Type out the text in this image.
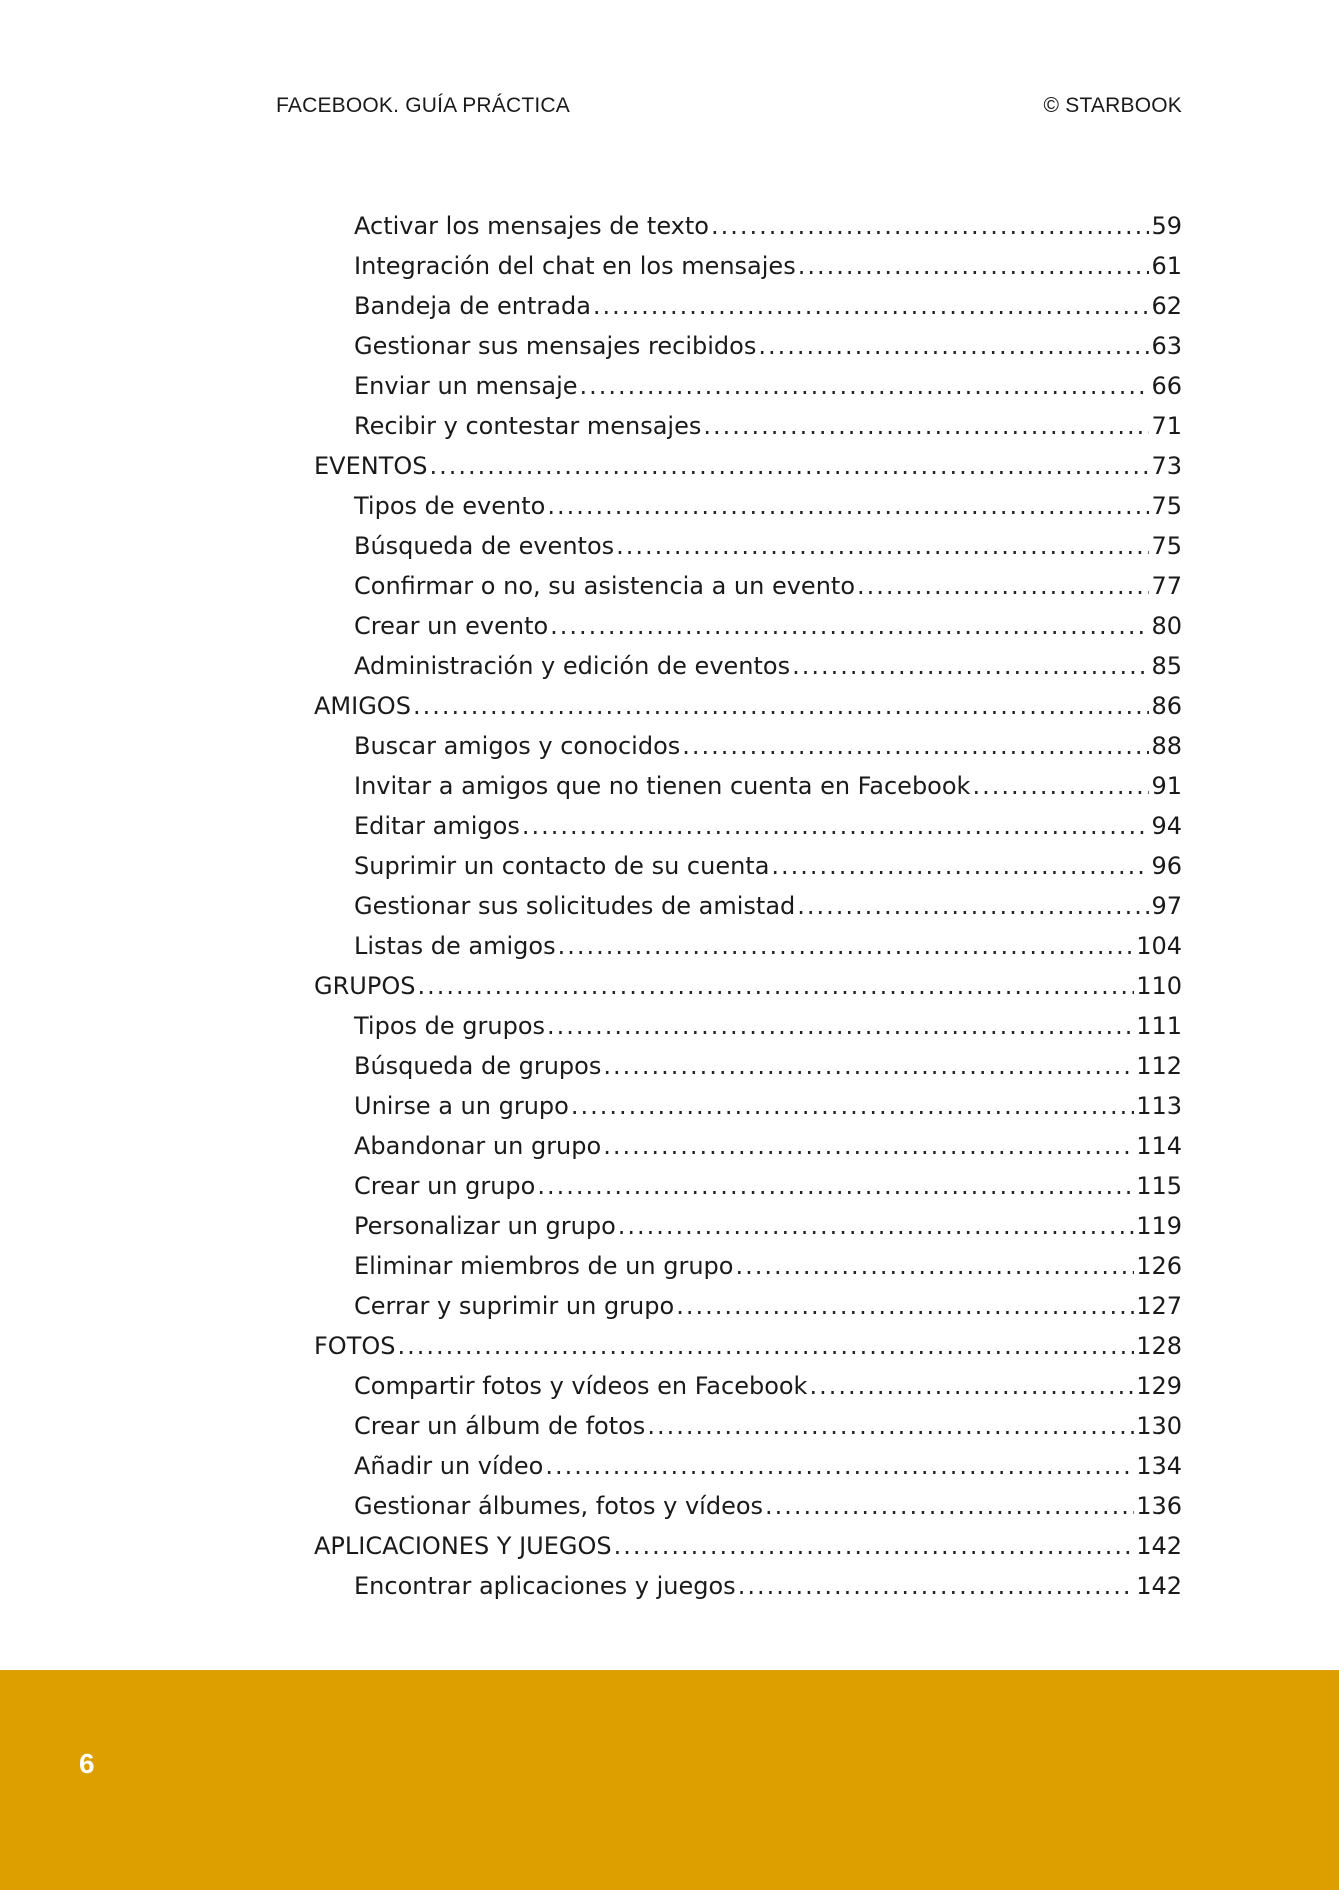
FACEBOOK. GUÍA PRÁCTICA	© STARBOOK
Activar los mensajes de texto .....	59
Integración del chat en los mensajes .....	61
Bandeja de entrada .....	62
Gestionar sus mensajes recibidos .....	63
Enviar un mensaje .....	66
Recibir y contestar mensajes .....	71
EVENTOS .....	73
Tipos de evento .....	75
Búsqueda de eventos .....	75
Confirmar o no, su asistencia a un evento .....	77
Crear un evento .....	80
Administración y edición de eventos .....	85
AMIGOS .....	86
Buscar amigos y conocidos .....	88
Invitar a amigos que no tienen cuenta en Facebook .....	91
Editar amigos .....	94
Suprimir un contacto de su cuenta .....	96
Gestionar sus solicitudes de amistad .....	97
Listas de amigos .....	104
GRUPOS .....	110
Tipos de grupos .....	111
Búsqueda de grupos .....	112
Unirse a un grupo .....	113
Abandonar un grupo .....	114
Crear un grupo .....	115
Personalizar un grupo .....	119
Eliminar miembros de un grupo .....	126
Cerrar y suprimir un grupo .....	127
FOTOS .....	128
Compartir fotos y vídeos en Facebook .....	129
Crear un álbum de fotos .....	130
Añadir un vídeo .....	134
Gestionar álbumes, fotos y vídeos .....	136
APLICACIONES Y JUEGOS .....	142
Encontrar aplicaciones y juegos .....	142
6
